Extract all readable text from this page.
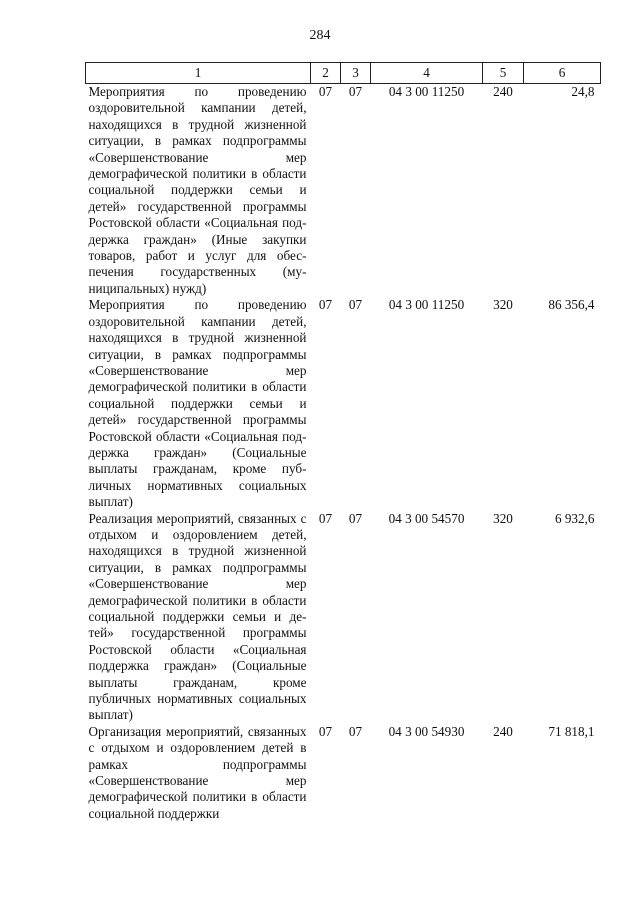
284
1	2	3	4	5	6
Мероприятия по проведению оздоровительной кампании детей, находящихся в трудной жизненной ситуации, в рамках подпрограммы «Совершенствование мер демографической политики в области социальной поддержки семьи и детей» государственной программы Ростовской области «Социальная поддержка граждан» (Иные закупки товаров, работ и услуг для обеспечения государственных (муниципальных) нужд)	07	07	04 3 00 11250	240	24,8
Мероприятия по проведению оздоровительной кампании детей, находящихся в трудной жизненной ситуации, в рамках подпрограммы «Совершенствование мер демографической политики в области социальной поддержки семьи и детей» государственной программы Ростовской области «Социальная поддержка граждан» (Социальные выплаты гражданам, кроме публичных нормативных социальных выплат)	07	07	04 3 00 11250	320	86 356,4
Реализация мероприятий, связанных с отдыхом и оздоровлением детей, находящихся в трудной жизненной ситуации, в рамках подпрограммы «Совершенствование мер демографической политики в области социальной поддержки семьи и детей» государственной программы Ростовской области «Социальная поддержка граждан» (Социальные выплаты гражданам, кроме публичных нормативных социальных выплат)	07	07	04 3 00 54570	320	6 932,6
Организация мероприятий, связанных с отдыхом и оздоровлением детей в рамках подпрограммы «Совершенствование мер демографической политики в области социальной поддержки	07	07	04 3 00 54930	240	71 818,1
